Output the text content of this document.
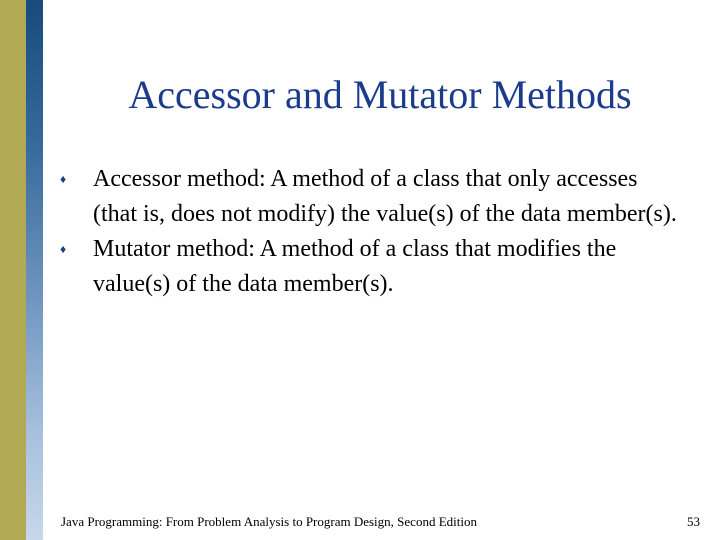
Accessor and Mutator Methods
♦	Accessor method: A method of a class that only accesses (that is, does not modify) the value(s) of the data member(s).
♦	Mutator method: A method of a class that modifies the value(s) of the data member(s).
Java Programming: From Problem Analysis to Program Design, Second Edition	53
